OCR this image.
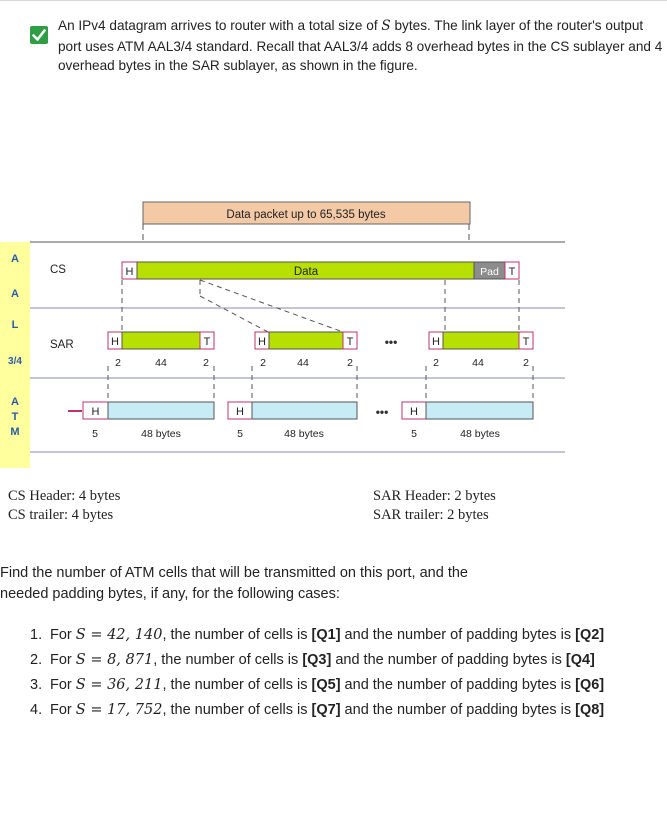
An IPv4 datagram arrives to router with a total size of S bytes. The link layer of the router's output port uses ATM AAL3/4 standard. Recall that AAL3/4 adds 8 overhead bytes in the CS sublayer and 4 overhead bytes in the SAR sublayer, as shown in the figure.
Data packet up to 65,535 bytes
A
A
L
3/4
A
T
M
CS	H	Data	Pad T
SAR	H	T
2	44	2
H	T
2	44	2
•••	H	T
2	44	2
H
5	48 bytes
H
5	48 bytes
••• H
5	48 bytes
CS Header: 4 bytes
CS trailer: 4 bytes
SAR Header: 2 bytes
SAR trailer: 2 bytes
Find the number of ATM cells that will be transmitted on this port, and the
needed padding bytes, if any, for the following cases:
1. For S = 42, 140, the number of cells is [Q1] and the number of padding bytes is [Q2]
2. For S = 8, 871, the number of cells is [Q3] and the number of padding bytes is [Q4]
3. For S = 36, 211, the number of cells is [Q5] and the number of padding bytes is [Q6]
4. For S = 17, 752, the number of cells is [Q7] and the number of padding bytes is [Q8]
